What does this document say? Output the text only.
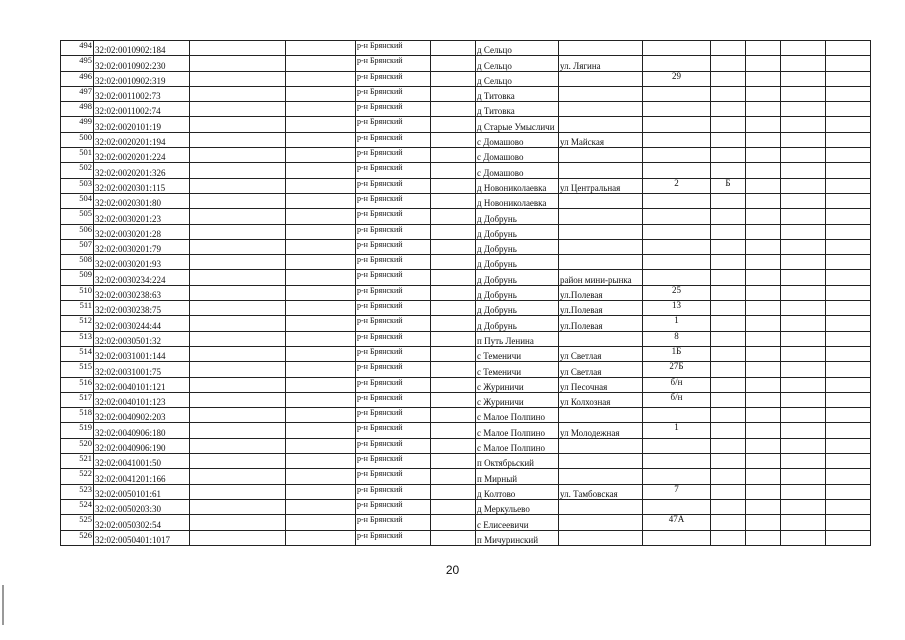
494	32:02:0010902:184			р-н Брянский		д Сельцо						
495	32:02:0010902:230			р-н Брянский		д Сельцо	ул. Лягина					
496	32:02:0010902:319			р-н Брянский		д Сельцо		29				
497	32:02:0011002:73			р-н Брянский		д Титовка						
498	32:02:0011002:74			р-н Брянский		д Титовка						
499	32:02:0020101:19			р-н Брянский		д Старые Умысличи						
500	32:02:0020201:194			р-н Брянский		с Домашово	ул Майская					
501	32:02:0020201:224			р-н Брянский		с Домашово						
502	32:02:0020201:326			р-н Брянский		с Домашово						
503	32:02:0020301:115			р-н Брянский		д Новониколаевка	ул Центральная	2	Б			
504	32:02:0020301:80			р-н Брянский		д Новониколаевка						
505	32:02:0030201:23			р-н Брянский		д Добрунь						
506	32:02:0030201:28			р-н Брянский		д Добрунь						
507	32:02:0030201:79			р-н Брянский		д Добрунь						
508	32:02:0030201:93			р-н Брянский		д Добрунь						
509	32:02:0030234:224			р-н Брянский		д Добрунь	район мини-рынка					
510	32:02:0030238:63			р-н Брянский		д Добрунь	ул.Полевая	25				
511	32:02:0030238:75			р-н Брянский		д Добрунь	ул.Полевая	13				
512	32:02:0030244:44			р-н Брянский		д Добрунь	ул.Полевая	1				
513	32:02:0030501:32			р-н Брянский		п Путь Ленина		8				
514	32:02:0031001:144			р-н Брянский		с Теменичи	ул Светлая	1Б				
515	32:02:0031001:75			р-н Брянский		с Теменичи	ул Светлая	27Б				
516	32:02:0040101:121			р-н Брянский		с Журиничи	ул Песочная	б/н				
517	32:02:0040101:123			р-н Брянский		с Журиничи	ул Колхозная	б/н				
518	32:02:0040902:203			р-н Брянский		с Малое Полпино						
519	32:02:0040906:180			р-н Брянский		с Малое Полпино	ул Молодежная	1				
520	32:02:0040906:190			р-н Брянский		с Малое Полпино						
521	32:02:0041001:50			р-н Брянский		п Октябрьский						
522	32:02:0041201:166			р-н Брянский		п Мирный						
523	32:02:0050101:61			р-н Брянский		д Колтово	ул. Тамбовская	7				
524	32:02:0050203:30			р-н Брянский		д Меркульево						
525	32:02:0050302:54			р-н Брянский		с Елисеевичи		47А				
526	32:02:0050401:1017			р-н Брянский		п Мичуринский						
20
